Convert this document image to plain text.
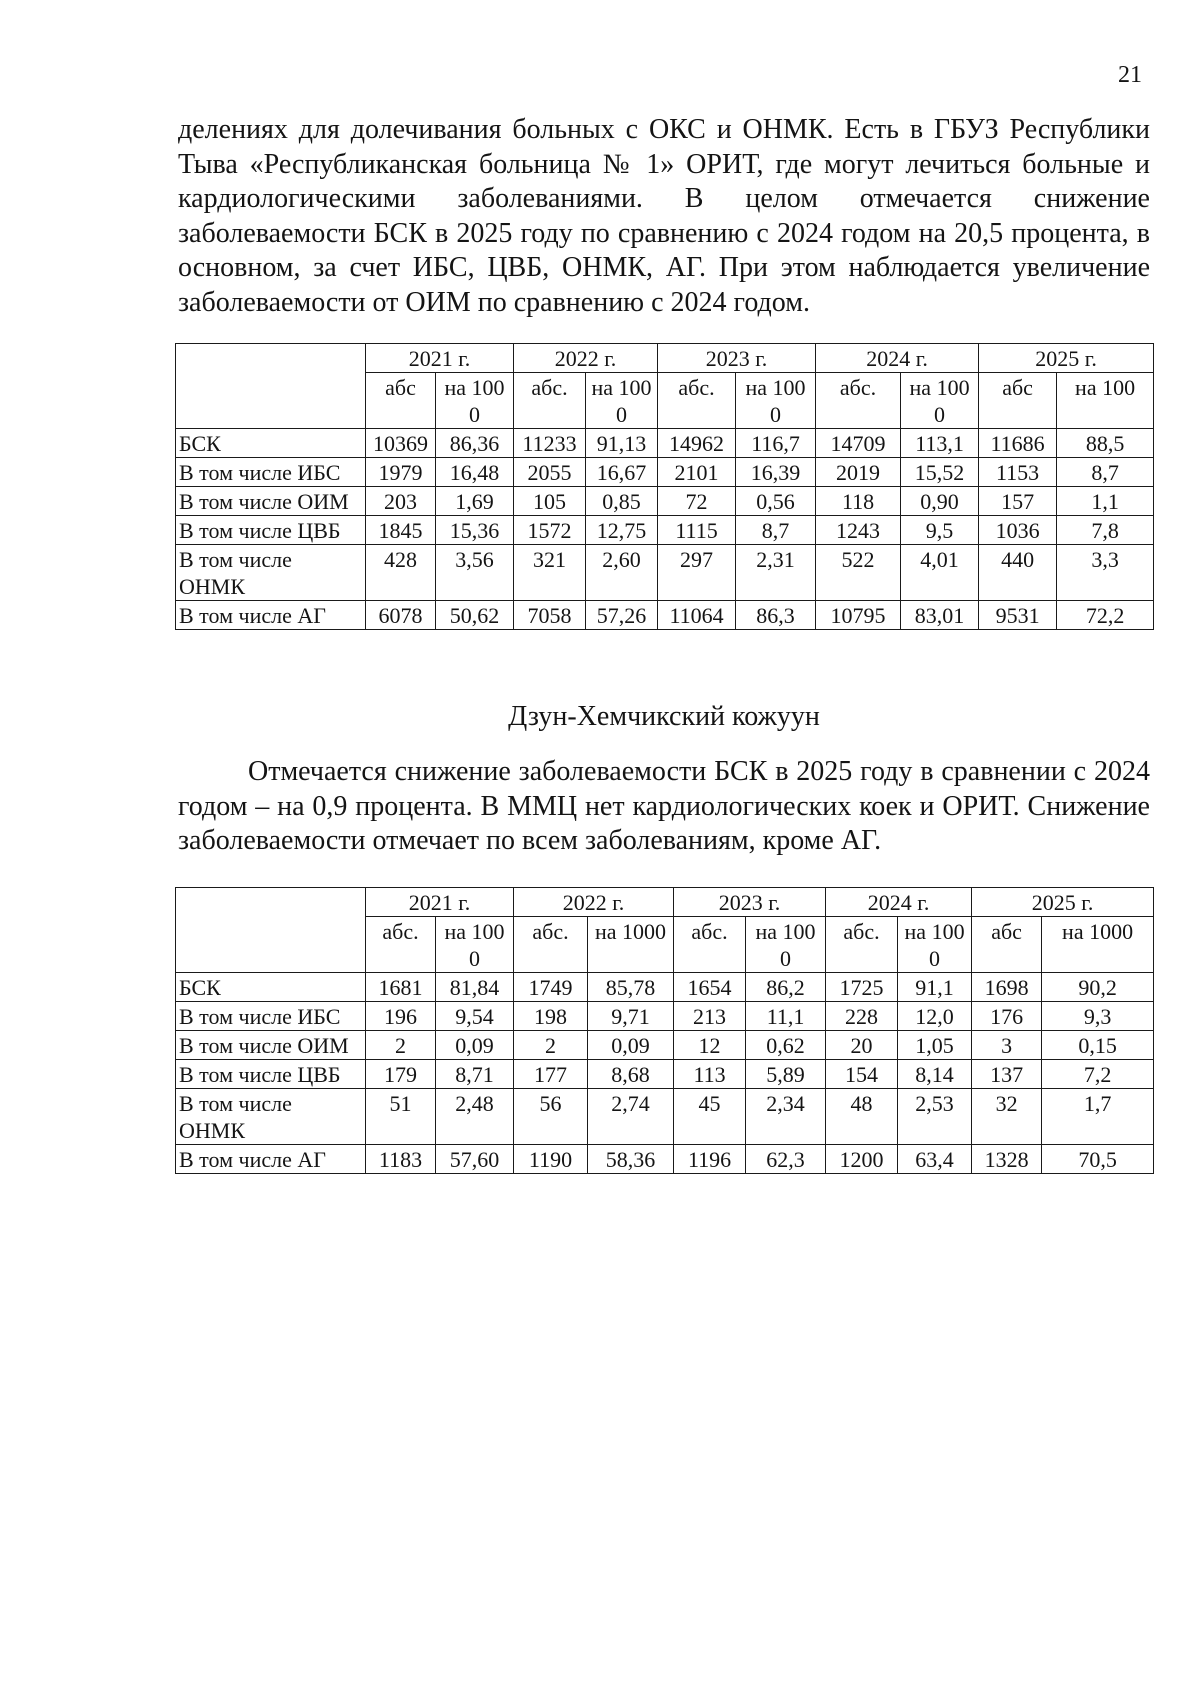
21

делениях для долечивания больных с ОКС и ОНМК. Есть в ГБУЗ Республики Тыва «Республиканская больница № 1» ОРИТ, где могут лечиться больные и кардиологическими заболеваниями. В целом отмечается снижение заболеваемости БСК в 2025 году по сравнению с 2024 годом на 20,5 процента, в основном, за счет ИБС, ЦВБ, ОНМК, АГ. При этом наблюдается увеличение заболеваемости от ОИМ по сравнению с 2024 годом.

	2021 г.		2022 г.		2023 г.		2024 г.		2025 г.	
	абс	на 1000	абс.	на 1000	абс.	на 1000	абс.	на 1000	абс	на 100
БСК	10369	86,36	11233	91,13	14962	116,7	14709	113,1	11686	88,5
В том числе ИБС	1979	16,48	2055	16,67	2101	16,39	2019	15,52	1153	8,7
В том числе ОИМ	203	1,69	105	0,85	72	0,56	118	0,90	157	1,1
В том числе ЦВБ	1845	15,36	1572	12,75	1115	8,7	1243	9,5	1036	7,8
В том числе ОНМК	428	3,56	321	2,60	297	2,31	522	4,01	440	3,3
В том числе АГ	6078	50,62	7058	57,26	11064	86,3	10795	83,01	9531	72,2
Дзун-Хемчикский кожуун

Отмечается снижение заболеваемости БСК в 2025 году в сравнении с 2024 годом – на 0,9 процента. В ММЦ нет кардиологических коек и ОРИТ. Снижение заболеваемости отмечает по всем заболеваниям, кроме АГ.

	2021 г.		2022 г.		2023 г.		2024 г.		2025 г.	
	абс.	на 1000	абс.	на 1000	абс.	на 1000	абс.	на 1000	абс	на 1000
БСК	1681	81,84	1749	85,78	1654	86,2	1725	91,1	1698	90,2
В том числе ИБС	196	9,54	198	9,71	213	11,1	228	12,0	176	9,3
В том числе ОИМ	2	0,09	2	0,09	12	0,62	20	1,05	3	0,15
В том числе ЦВБ	179	8,71	177	8,68	113	5,89	154	8,14	137	7,2
В том числе ОНМК	51	2,48	56	2,74	45	2,34	48	2,53	32	1,7
В том числе АГ	1183	57,60	1190	58,36	1196	62,3	1200	63,4	1328	70,5
